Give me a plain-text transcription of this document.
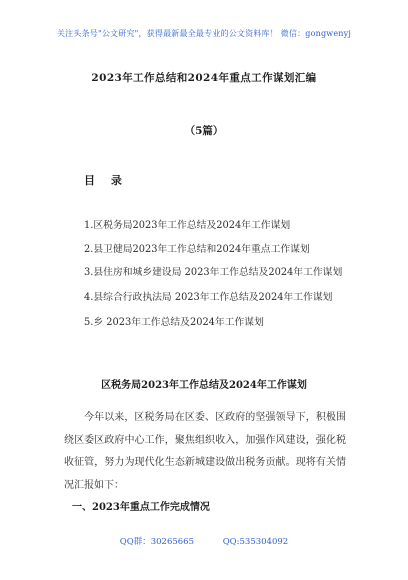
关注头条号"公文研究"，获得最新最全最专业的公文资料库！ 微信：gongwenyj
2023年工作总结和2024年重点工作谋划汇编
（5篇）
目 录

1.区税务局2023年工作总结及2024年工作谋划

2.县卫健局2023年工作总结和2024年重点工作谋划

3.县住房和城乡建设局 2023年工作总结及2024年工作谋划

4.县综合行政执法局 2023年工作总结及2024年工作谋划

5.乡 2023年工作总结及2024年工作谋划

区税务局2023年工作总结及2024年工作谋划

今年以来，区税务局在区委、区政府的坚强领导下，积极围绕区委区政府中心工作，聚焦组织收入，加强作风建设，强化税收征管，努力为现代化生态新城建设做出税务贡献。现将有关情况汇报如下：

一、2023年重点工作完成情况
QQ群：30265665	QQ:535304092
